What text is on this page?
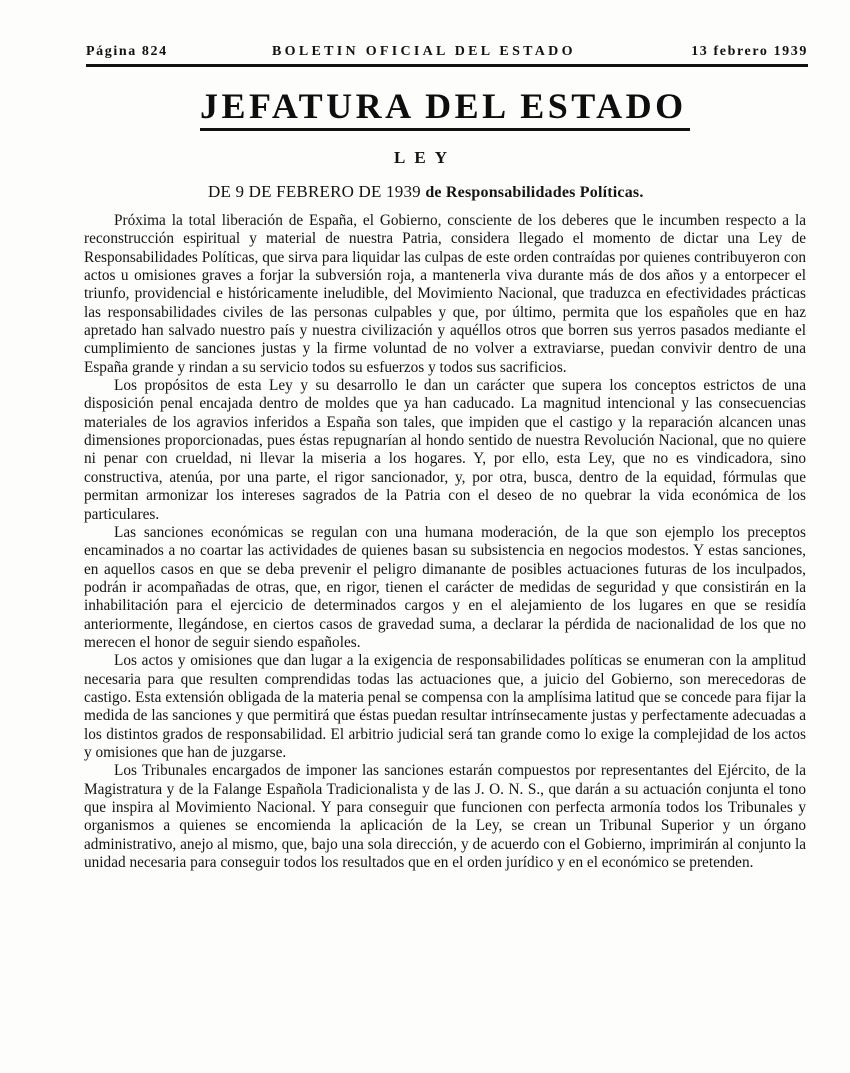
Página 824	BOLETIN OFICIAL DEL ESTADO	13 febrero 1939
JEFATURA DEL ESTADO
LEY
DE 9 DE FEBRERO DE 1939 de Responsabilidades Políticas.

Próxima la total liberación de España, el Gobierno, consciente de los deberes que le incumben respecto a la reconstrucción espiritual y material de nuestra Patria, considera llegado el momento de dictar una Ley de Responsabilidades Políticas, que sirva para liquidar las culpas de este orden contraídas por quienes contribuyeron con actos u omisiones graves a forjar la subversión roja, a mantenerla viva durante más de dos años y a entorpecer el triunfo, providencial e históricamente ineludible, del Movimiento Nacional, que traduzca en efectividades prácticas las responsabilidades civiles de las personas culpables y que, por último, permita que los españoles que en haz apretado han salvado nuestro país y nuestra civilización y aquéllos otros que borren sus yerros pasados mediante el cumplimiento de sanciones justas y la firme voluntad de no volver a extraviarse, puedan convivir dentro de una España grande y rindan a su servicio todos su esfuerzos y todos sus sacrificios.

Los propósitos de esta Ley y su desarrollo le dan un carácter que supera los conceptos estrictos de una disposición penal encajada dentro de moldes que ya han caducado. La magnitud intencional y las consecuencias materiales de los agravios inferidos a España son tales, que impiden que el castigo y la reparación alcancen unas dimensiones proporcionadas, pues éstas repugnarían al hondo sentido de nuestra Revolución Nacional, que no quiere ni penar con crueldad, ni llevar la miseria a los hogares. Y, por ello, esta Ley, que no es vindicadora, sino constructiva, atenúa, por una parte, el rigor sancionador, y, por otra, busca, dentro de la equidad, fórmulas que permitan armonizar los intereses sagrados de la Patria con el deseo de no quebrar la vida económica de los particulares.

Las sanciones económicas se regulan con una humana moderación, de la que son ejemplo los preceptos encaminados a no coartar las actividades de quienes basan su subsistencia en negocios modestos. Y estas sanciones, en aquellos casos en que se deba prevenir el peligro dimanante de posibles actuaciones futuras de los inculpados, podrán ir acompañadas de otras, que, en rigor, tienen el carácter de medidas de seguridad y que consistirán en la inhabilitación para el ejercicio de determinados cargos y en el alejamiento de los lugares en que se residía anteriormente, llegándose, en ciertos casos de gravedad suma, a declarar la pérdida de nacionalidad de los que no merecen el honor de seguir siendo españoles.

Los actos y omisiones que dan lugar a la exigencia de responsabilidades políticas se enumeran con la amplitud necesaria para que resulten comprendidas todas las actuaciones que, a juicio del Gobierno, son merecedoras de castigo. Esta extensión obligada de la materia penal se compensa con la amplísima latitud que se concede para fijar la medida de las sanciones y que permitirá que éstas puedan resultar intrínsecamente justas y perfectamente adecuadas a los distintos grados de responsabilidad. El arbitrio judicial será tan grande como lo exige la complejidad de los actos y omisiones que han de juzgarse.

Los Tribunales encargados de imponer las sanciones estarán compuestos por representantes del Ejército, de la Magistratura y de la Falange Española Tradicionalista y de las J. O. N. S., que darán a su actuación conjunta el tono que inspira al Movimiento Nacional. Y para conseguir que funcionen con perfecta armonía todos los Tribunales y organismos a quienes se encomienda la aplicación de la Ley, se crean un Tribunal Superior y un órgano administrativo, anejo al mismo, que, bajo una sola dirección, y de acuerdo con el Gobierno, imprimirán al conjunto la unidad necesaria para conseguir todos los resultados que en el orden jurídico y en el económico se pretenden.
